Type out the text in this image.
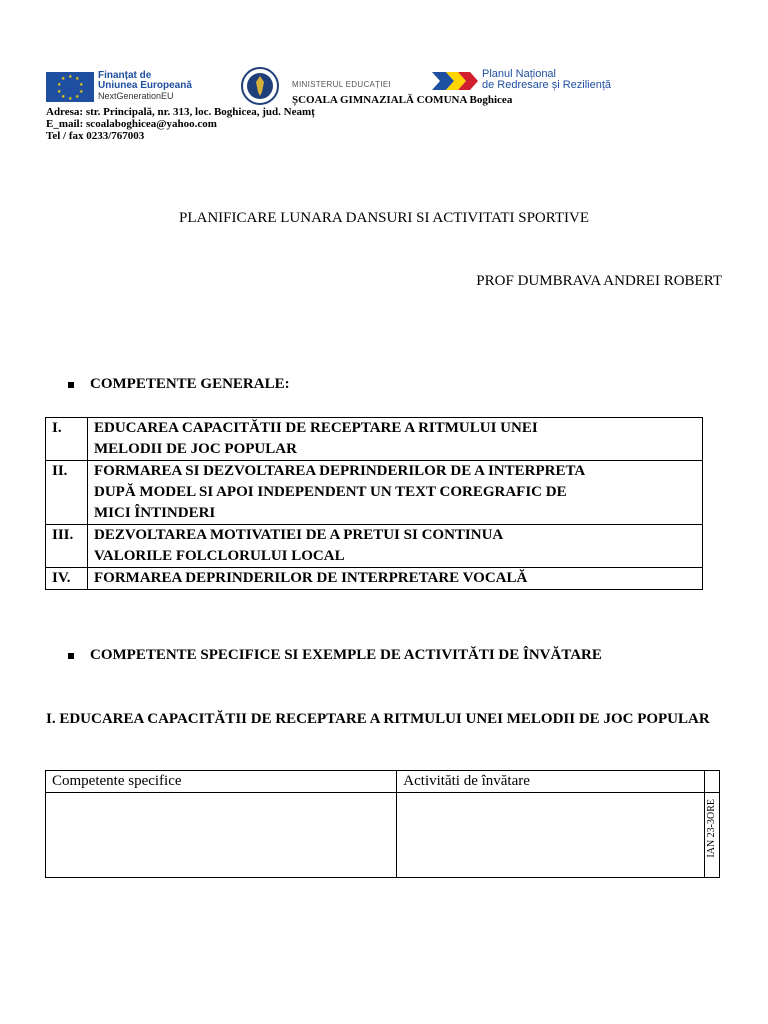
★ ★
★
★
★
★
★
★
★
★	Finanțat de
Uniunea Europeană
NextGenerationEU
MINISTERUL EDUCAȚIEI
Planul Național
de Redresare și Reziliență
ȘCOALA GIMNAZIALĂ COMUNA Boghicea
Adresa: str. Principală, nr. 313, loc. Boghicea, jud. Neamț
E_mail: scoalaboghicea@yahoo.com
Tel / fax 0233/767003
PLANIFICARE LUNARA DANSURI SI ACTIVITATI SPORTIVE
PROF DUMBRAVA ANDREI ROBERT
COMPETENTE GENERALE:
I.	EDUCAREA CAPACITĂTII DE RECEPTARE A RITMULUI UNEI
MELODII DE JOC POPULAR

II.	FORMAREA SI DEZVOLTAREA DEPRINDERILOR DE A INTERPRETA
DUPĂ MODEL SI APOI INDEPENDENT UN TEXT COREGRAFIC DE
MICI ÎNTINDERI

III.	DEZVOLTAREA MOTIVATIEI DE A PRETUI SI CONTINUA
VALORILE FOLCLORULUI LOCAL

IV.	FORMAREA DEPRINDERILOR DE INTERPRETARE VOCALĂ
COMPETENTE SPECIFICE SI EXEMPLE DE ACTIVITĂTI DE ÎNVĂTARE
I. EDUCAREA CAPACITĂTII DE RECEPTARE A RITMULUI UNEI MELODII DE JOC POPULAR
Competente specifice	Activităti de învătare	

		IAN 23-3ORE
